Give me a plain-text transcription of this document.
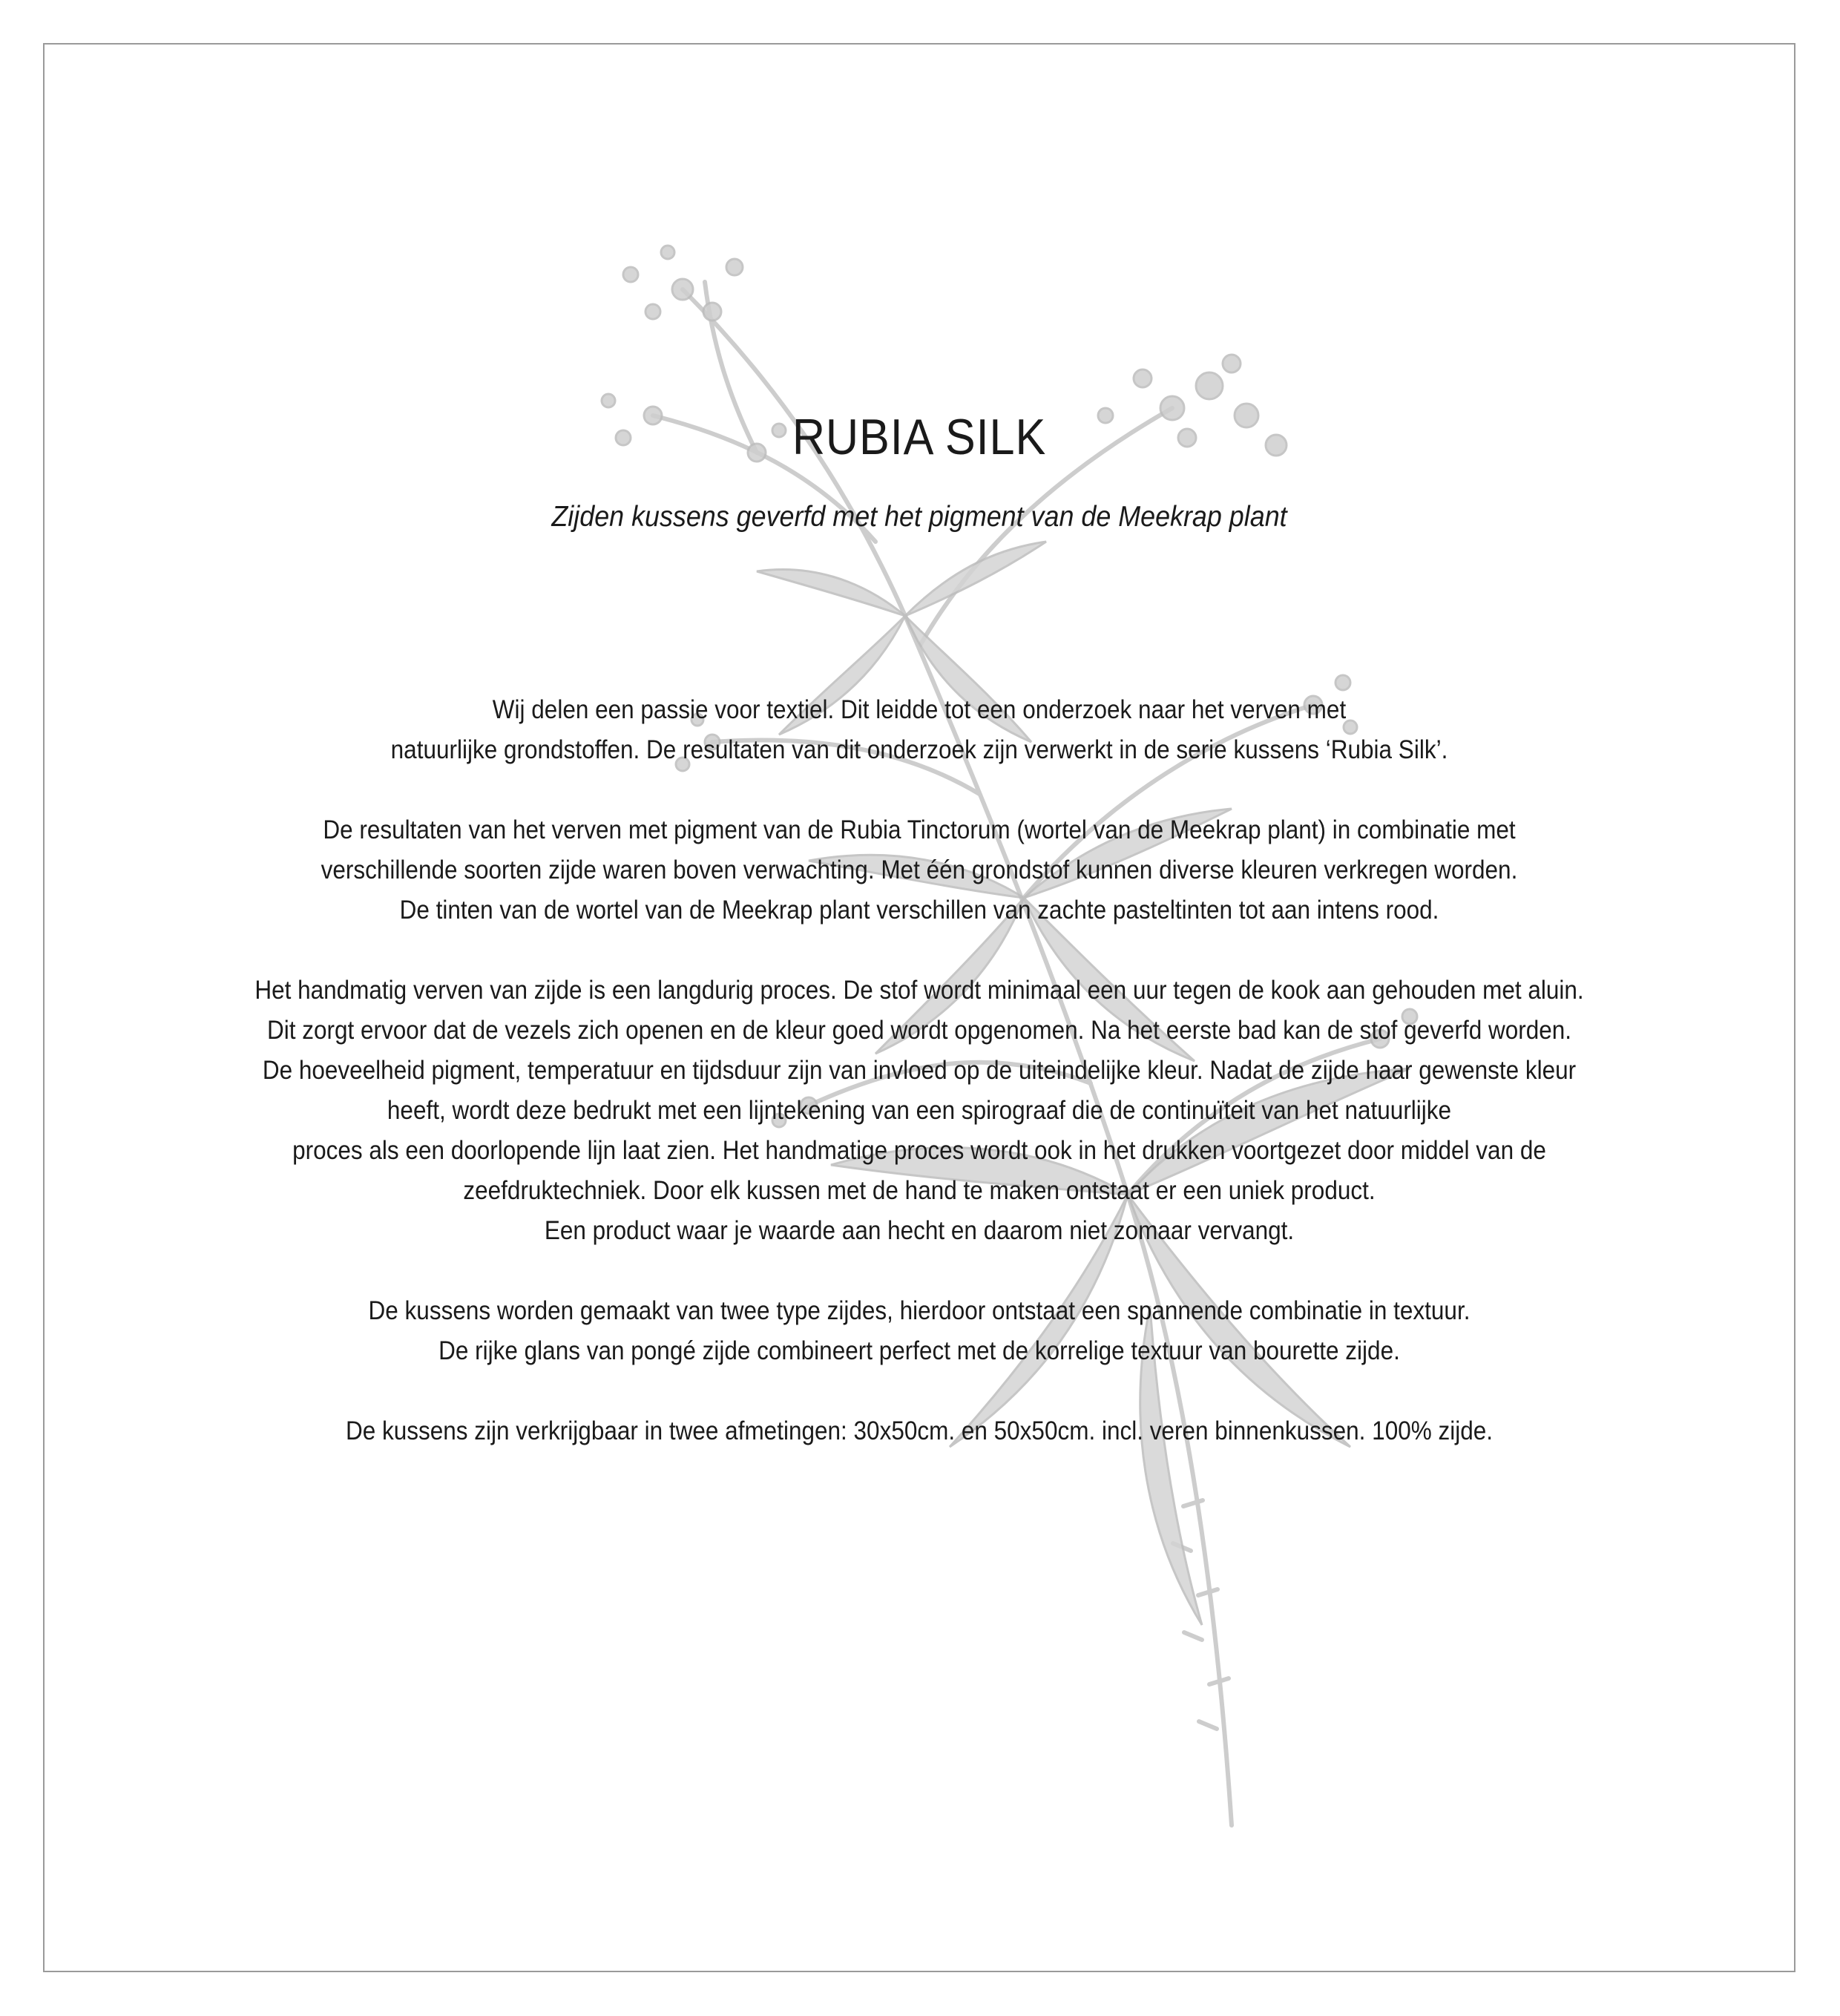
RUBIA SILK
Zijden kussens geverfd met het pigment van de Meekrap plant

Wij delen een passie voor textiel. Dit leidde tot een onderzoek naar het verven met
natuurlijke grondstoffen. De resultaten van dit onderzoek zijn verwerkt in de serie kussens ‘Rubia Silk’.

De resultaten van het verven met pigment van de Rubia Tinctorum (wortel van de Meekrap plant) in combinatie met
verschillende soorten zijde waren boven verwachting. Met één grondstof kunnen diverse kleuren verkregen worden.
De tinten van de wortel van de Meekrap plant verschillen van zachte pasteltinten tot aan intens rood.

Het handmatig verven van zijde is een langdurig proces. De stof wordt minimaal een uur tegen de kook aan gehouden met aluin.
Dit zorgt ervoor dat de vezels zich openen en de kleur goed wordt opgenomen. Na het eerste bad kan de stof geverfd worden.
De hoeveelheid pigment, temperatuur en tijdsduur zijn van invloed op de uiteindelijke kleur. Nadat de zijde haar gewenste kleur
heeft, wordt deze bedrukt met een lijntekening van een spirograaf die de continuïteit van het natuurlijke
proces als een doorlopende lijn laat zien. Het handmatige proces wordt ook in het drukken voortgezet door middel van de
zeefdruktechniek. Door elk kussen met de hand te maken ontstaat er een uniek product.
Een product waar je waarde aan hecht en daarom niet zomaar vervangt.

De kussens worden gemaakt van twee type zijdes, hierdoor ontstaat een spannende combinatie in textuur.
De rijke glans van pongé zijde combineert perfect met de korrelige textuur van bourette zijde.

De kussens zijn verkrijgbaar in twee afmetingen: 30x50cm. en 50x50cm. incl. veren binnenkussen. 100% zijde.
